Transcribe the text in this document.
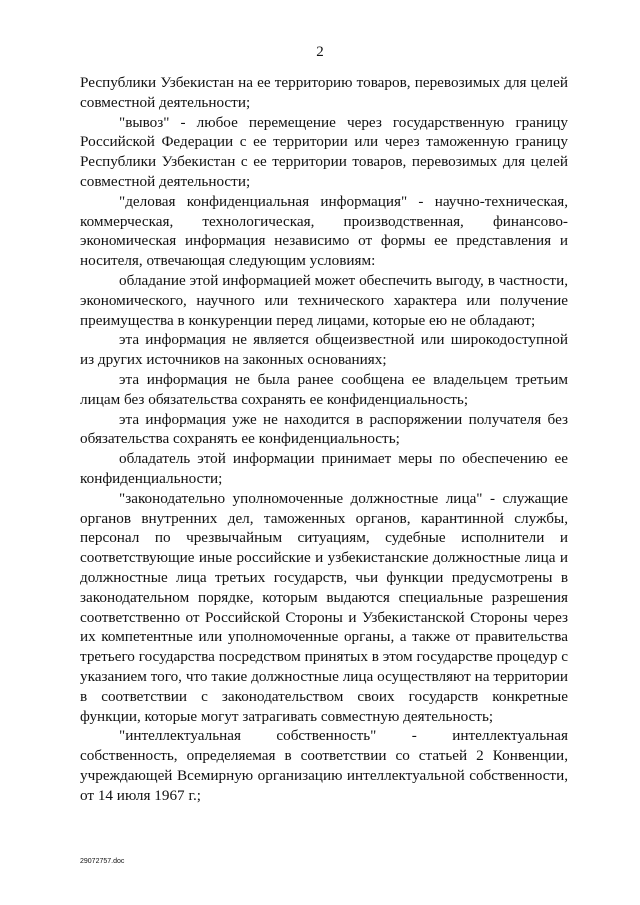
2

Республики Узбекистан на ее территорию товаров, перевозимых для целей совместной деятельности;

"вывоз" - любое перемещение через государственную границу Российской Федерации с ее территории или через таможенную границу Республики Узбекистан с ее территории товаров, перевозимых для целей совместной деятельности;

"деловая конфиденциальная информация" - научно-техническая, коммерческая, технологическая, производственная, финансово-экономическая информация независимо от формы ее представления и носителя, отвечающая следующим условиям:

обладание этой информацией может обеспечить выгоду, в частности, экономического, научного или технического характера или получение преимущества в конкуренции перед лицами, которые ею не обладают;

эта информация не является общеизвестной или широкодоступной из других источников на законных основаниях;

эта информация не была ранее сообщена ее владельцем третьим лицам без обязательства сохранять ее конфиденциальность;

эта информация уже не находится в распоряжении получателя без обязательства сохранять ее конфиденциальность;

обладатель этой информации принимает меры по обеспечению ее конфиденциальности;

"законодательно уполномоченные должностные лица" - служащие органов внутренних дел, таможенных органов, карантинной службы, персонал по чрезвычайным ситуациям, судебные исполнители и соответствующие иные российские и узбекистанские должностные лица и должностные лица третьих государств, чьи функции предусмотрены в законодательном порядке, которым выдаются специальные разрешения соответственно от Российской Стороны и Узбекистанской Стороны через их компетентные или уполномоченные органы, а также от правительства третьего государства посредством принятых в этом государстве процедур с указанием того, что такие должностные лица осуществляют на территории в соответствии с законодательством своих государств конкретные функции, которые могут затрагивать совместную деятельность;

"интеллектуальная собственность" - интеллектуальная собственность, определяемая в соответствии со статьей 2 Конвенции, учреждающей Всемирную организацию интеллектуальной собственности, от 14 июля 1967 г.;

29072757.doc
